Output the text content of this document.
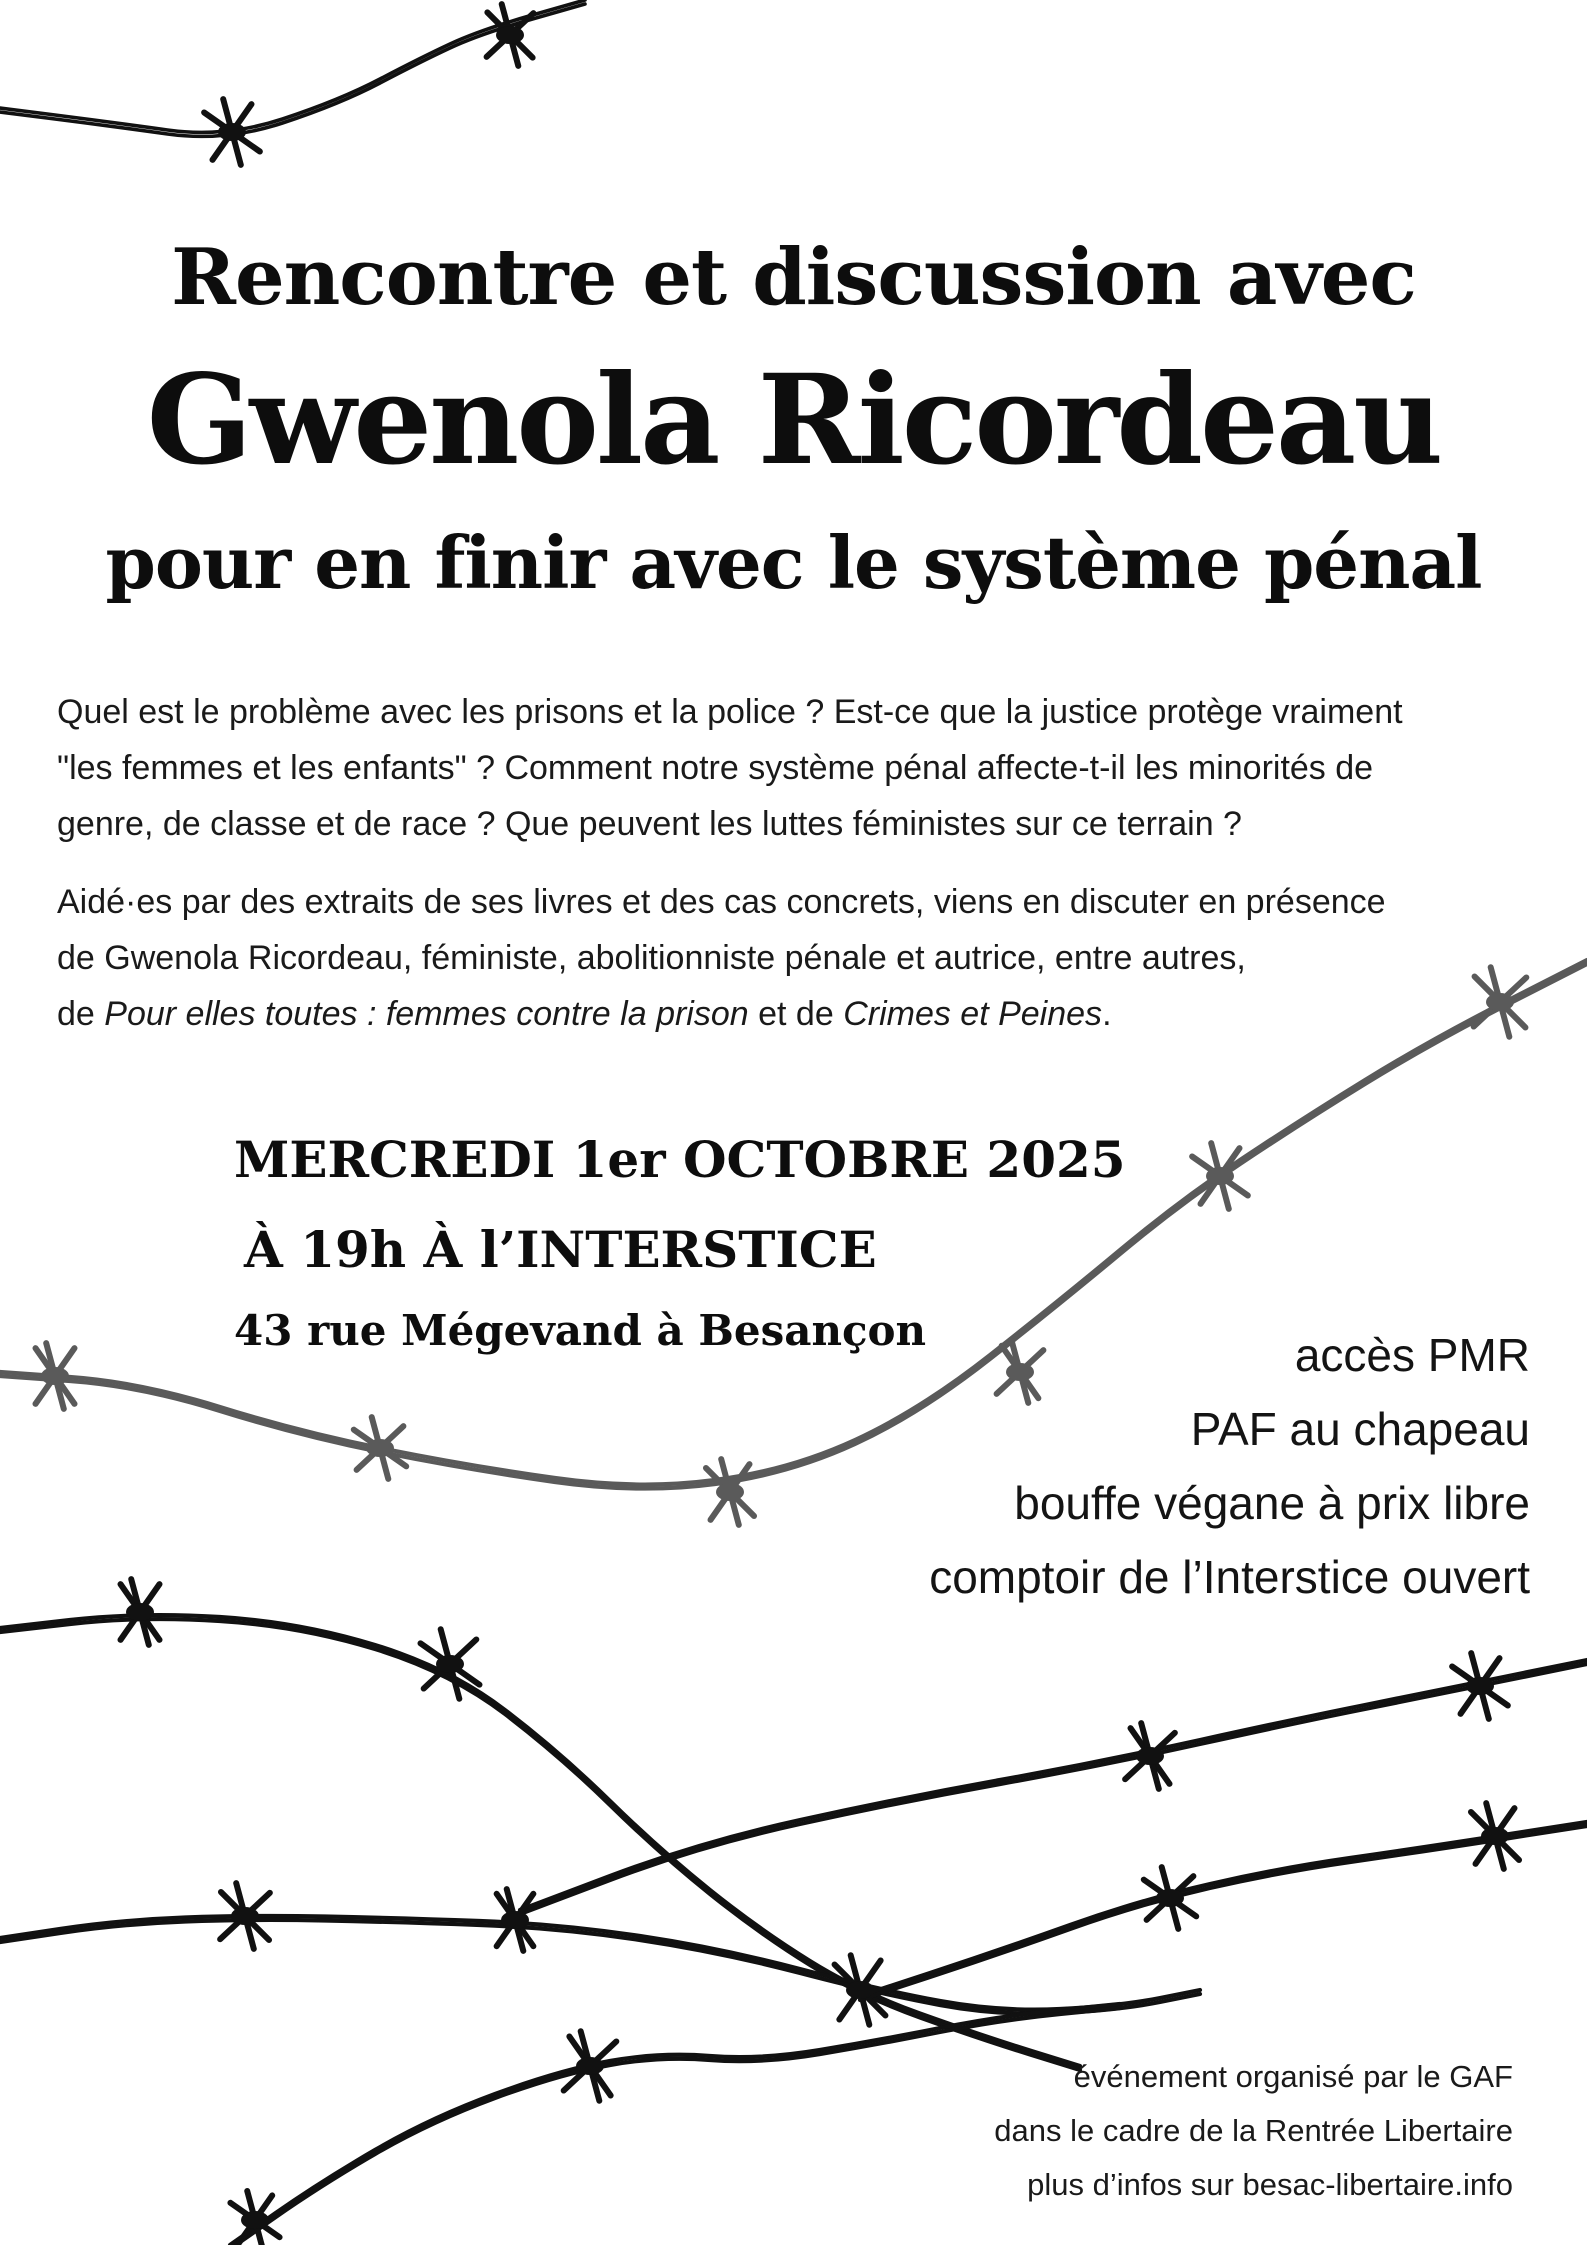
Rencontre et discussion avec
Gwenola Ricordeau
pour en finir avec le système pénal
Quel est le problème avec les prisons et la police ? Est-ce que la justice protège vraiment
"les femmes et les enfants" ? Comment notre système pénal affecte-t-il les minorités de
genre, de classe et de race ? Que peuvent les luttes féministes sur ce terrain ?
Aidé·es par des extraits de ses livres et des cas concrets, viens en discuter en présence
de Gwenola Ricordeau, féministe, abolitionniste pénale et autrice, entre autres,
de Pour elles toutes : femmes contre la prison et de Crimes et Peines.
MERCREDI 1er OCTOBRE 2025
À 19h À l’INTERSTICE
43 rue Mégevand à Besançon	accès PMR
PAF au chapeau
bouffe végane à prix libre
comptoir de l’Interstice ouvert
événement organisé par le GAF
dans le cadre de la Rentrée Libertaire
plus d’infos sur besac-libertaire.info
